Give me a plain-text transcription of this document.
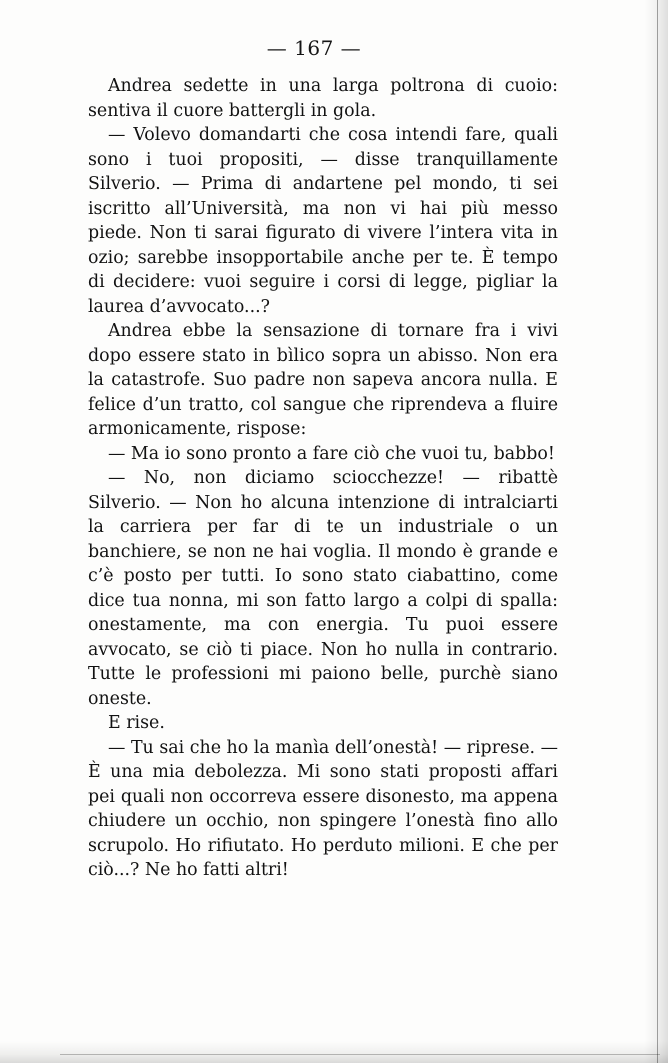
— 167 —

Andrea sedette in una larga poltrona di cuoio: sentiva il cuore battergli in gola.

— Volevo domandarti che cosa intendi fare, quali sono i tuoi propositi, — disse tranquillamente Silverio. — Prima di andartene pel mondo, ti sei iscritto all’Università, ma non vi hai più messo piede. Non ti sarai figurato di vivere l’intera vita in ozio; sarebbe insopportabile anche per te. È tempo di decidere: vuoi seguire i corsi di legge, pigliar la laurea d’avvocato...?

Andrea ebbe la sensazione di tornare fra i vivi dopo essere stato in bìlico sopra un abisso. Non era la catastrofe. Suo padre non sapeva ancora nulla. E felice d’un tratto, col sangue che riprendeva a fluire armonicamente, rispose:

— Ma io sono pronto a fare ciò che vuoi tu, babbo!

— No, non diciamo sciocchezze! — ribattè Silverio. — Non ho alcuna intenzione di intralciarti la carriera per far di te un industriale o un banchiere, se non ne hai voglia. Il mondo è grande e c’è posto per tutti. Io sono stato ciabattino, come dice tua nonna, mi son fatto largo a colpi di spalla: onestamente, ma con energia. Tu puoi essere avvocato, se ciò ti piace. Non ho nulla in contrario. Tutte le professioni mi paiono belle, purchè siano oneste.

E rise.

— Tu sai che ho la manìa dell’onestà! — riprese. — È una mia debolezza. Mi sono stati proposti affari pei quali non occorreva essere disonesto, ma appena chiudere un occhio, non spingere l’onestà fino allo scrupolo. Ho rifiutato. Ho perduto milioni. E che per ciò...? Ne ho fatti altri!
